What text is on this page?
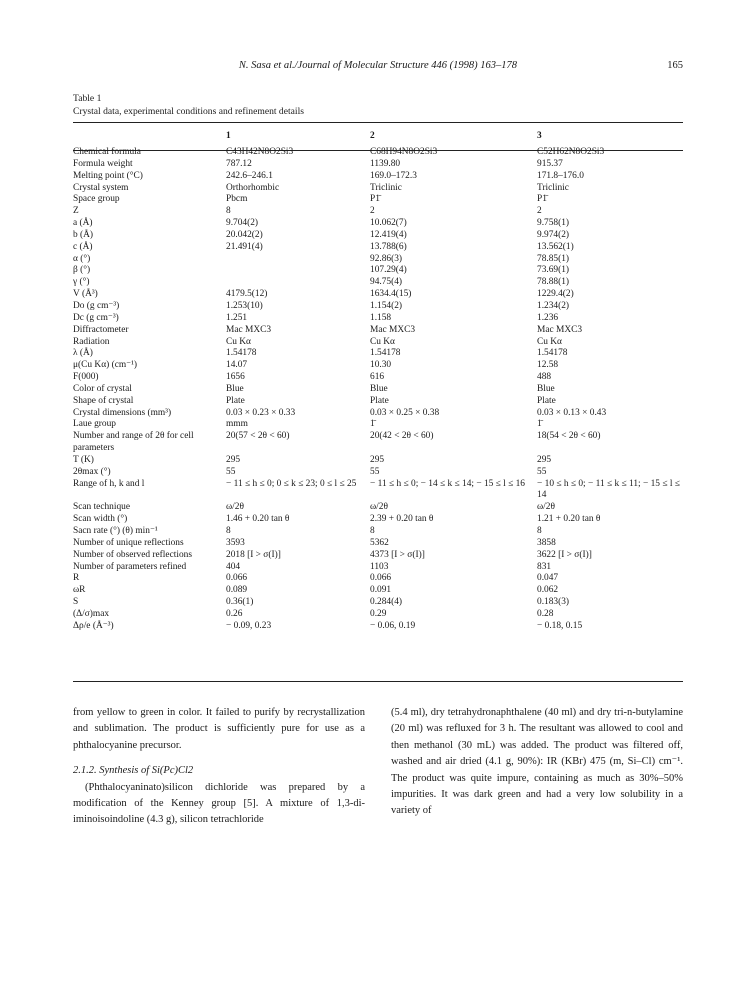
N. Sasa et al./Journal of Molecular Structure 446 (1998) 163–178	165
Table 1
Crystal data, experimental conditions and refinement details
	1	2	3
Chemical formula	C43H42N8O2Si3	C68H94N8O2Si3	C52H62N8O2Si3
Formula weight	787.12	1139.80	915.37
Melting point (°C)	242.6–246.1	169.0–172.3	171.8–176.0
Crystal system	Orthorhombic	Triclinic	Triclinic
Space group	Pbcm	P1̄	P1̄
Z	8	2	2
a (Å)	9.704(2)	10.062(7)	9.758(1)
b (Å)	20.042(2)	12.419(4)	9.974(2)
c (Å)	21.491(4)	13.788(6)	13.562(1)
α (°)		92.86(3)	78.85(1)
β (°)		107.29(4)	73.69(1)
γ (°)		94.75(4)	78.88(1)
V (Å³)	4179.5(12)	1634.4(15)	1229.4(2)
Do (g cm⁻³)	1.253(10)	1.154(2)	1.234(2)
Dc (g cm⁻³)	1.251	1.158	1.236
Diffractometer	Mac MXC3	Mac MXC3	Mac MXC3
Radiation	Cu Kα	Cu Kα	Cu Kα
λ (Å)	1.54178	1.54178	1.54178
μ(Cu Kα) (cm⁻¹)	14.07	10.30	12.58
F(000)	1656	616	488
Color of crystal	Blue	Blue	Blue
Shape of crystal	Plate	Plate	Plate
Crystal dimensions (mm³)	0.03 × 0.23 × 0.33	0.03 × 0.25 × 0.38	0.03 × 0.13 × 0.43
Laue group	mmm	1̄	1̄
Number and range of 2θ for cell parameters	20(57 < 2θ < 60)	20(42 < 2θ < 60)	18(54 < 2θ < 60)
T (K)	295	295	295
2θmax (°)	55	55	55
Range of h, k and l	− 11 ≤ h ≤ 0; 0 ≤ k ≤ 23; 0 ≤ l ≤ 25	− 11 ≤ h ≤ 0; − 14 ≤ k ≤ 14; − 15 ≤ l ≤ 16	− 10 ≤ h ≤ 0; − 11 ≤ k ≤ 11; − 15 ≤ l ≤ 14
Scan technique	ω/2θ	ω/2θ	ω/2θ
Scan width (°)	1.46 + 0.20 tan θ	2.39 + 0.20 tan θ	1.21 + 0.20 tan θ
Sacn rate (°) (θ) min⁻¹	8	8	8
Number of unique reflections	3593	5362	3858
Number of observed reflections	2018 [I > σ(I)]	4373 [I > σ(I)]	3622 [I > σ(I)]
Number of parameters refined	404	1103	831
R	0.066	0.066	0.047
ωR	0.089	0.091	0.062
S	0.36(1)	0.284(4)	0.183(3)
(Δ/σ)max	0.26	0.29	0.28
Δρ/e (Å⁻³)	− 0.09, 0.23	− 0.06, 0.19	− 0.18, 0.15

from yellow to green in color. It failed to purify by recrystallization and sublimation. The product is sufficiently pure for use as a phthalocyanine precursor.

2.1.2. Synthesis of Si(Pc)Cl2

(Phthalocyaninato)silicon dichloride was prepared by a modification of the Kenney group [5]. A mixture of 1,3-di-iminoisoindoline (4.3 g), silicon tetrachloride

(5.4 ml), dry tetrahydronaphthalene (40 ml) and dry tri-n-butylamine (20 ml) was refluxed for 3 h. The resultant was allowed to cool and then methanol (30 mL) was added. The product was filtered off, washed and air dried (4.1 g, 90%): IR (KBr) 475 (m, Si–Cl) cm⁻¹. The product was quite impure, containing as much as 30%–50% impurities. It was dark green and had a very low solubility in a variety of
